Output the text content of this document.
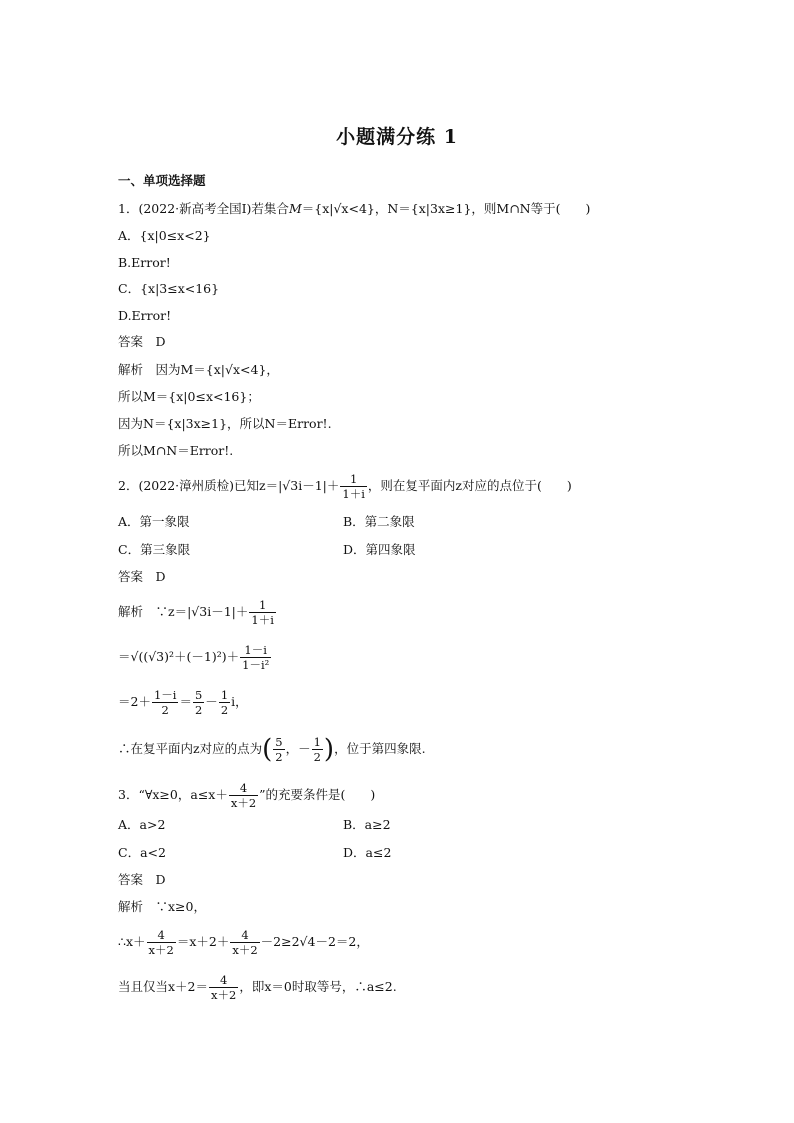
小题满分练 1
一、单项选择题
1．(2022·新高考全国Ⅰ)若集合M＝{x|√x<4}，N＝{x|3x≥1}，则M∩N等于(　　)
A．{x|0≤x<2}
B.Error!
C．{x|3≤x<16}
D.Error!
答案　D
解析　因为M＝{x|√x<4}，
所以M＝{x|0≤x<16}；
因为N＝{x|3x≥1}，所以N＝Error!.
所以M∩N＝Error!.
2．(2022·漳州质检)已知$z=|√3i-1|+ \frac{1}{1+i}$ ，则在复平面内z对应的点位于(　　)
A．第一象限	B．第二象限
C．第三象限	D．第四象限
答案　D
解析　∵z＝|√3i－1|＋ $\frac{1}{1+i}$
$=√((√3)^2+(-1)^2)+ \frac{1-i}{\text{1－i²}}$
$=2+ \frac{1-i}{2} = \frac{5}{2} - \frac{1}{2}$ i，
∴在复平面内z对应的点为( $\frac{5}{2}$ ，－ $\frac{1}{2}$ )，位于第四象限.
3．“∀x≥0，$a\le x+ \frac{4}{x+2}$ ”的充要条件是(　　)
A．a>2	B．a≥2
C．a<2	D．a≤2
答案　D
解析　∵x≥0，
∴x＋ $\frac{4}{x+2} =x+2+ \frac{4}{x+2} -2\ge 2√4-2=2$，
当且仅当$x+2= \frac{4}{x+2}$ ，即x＝0时取等号，∴a≤2.
